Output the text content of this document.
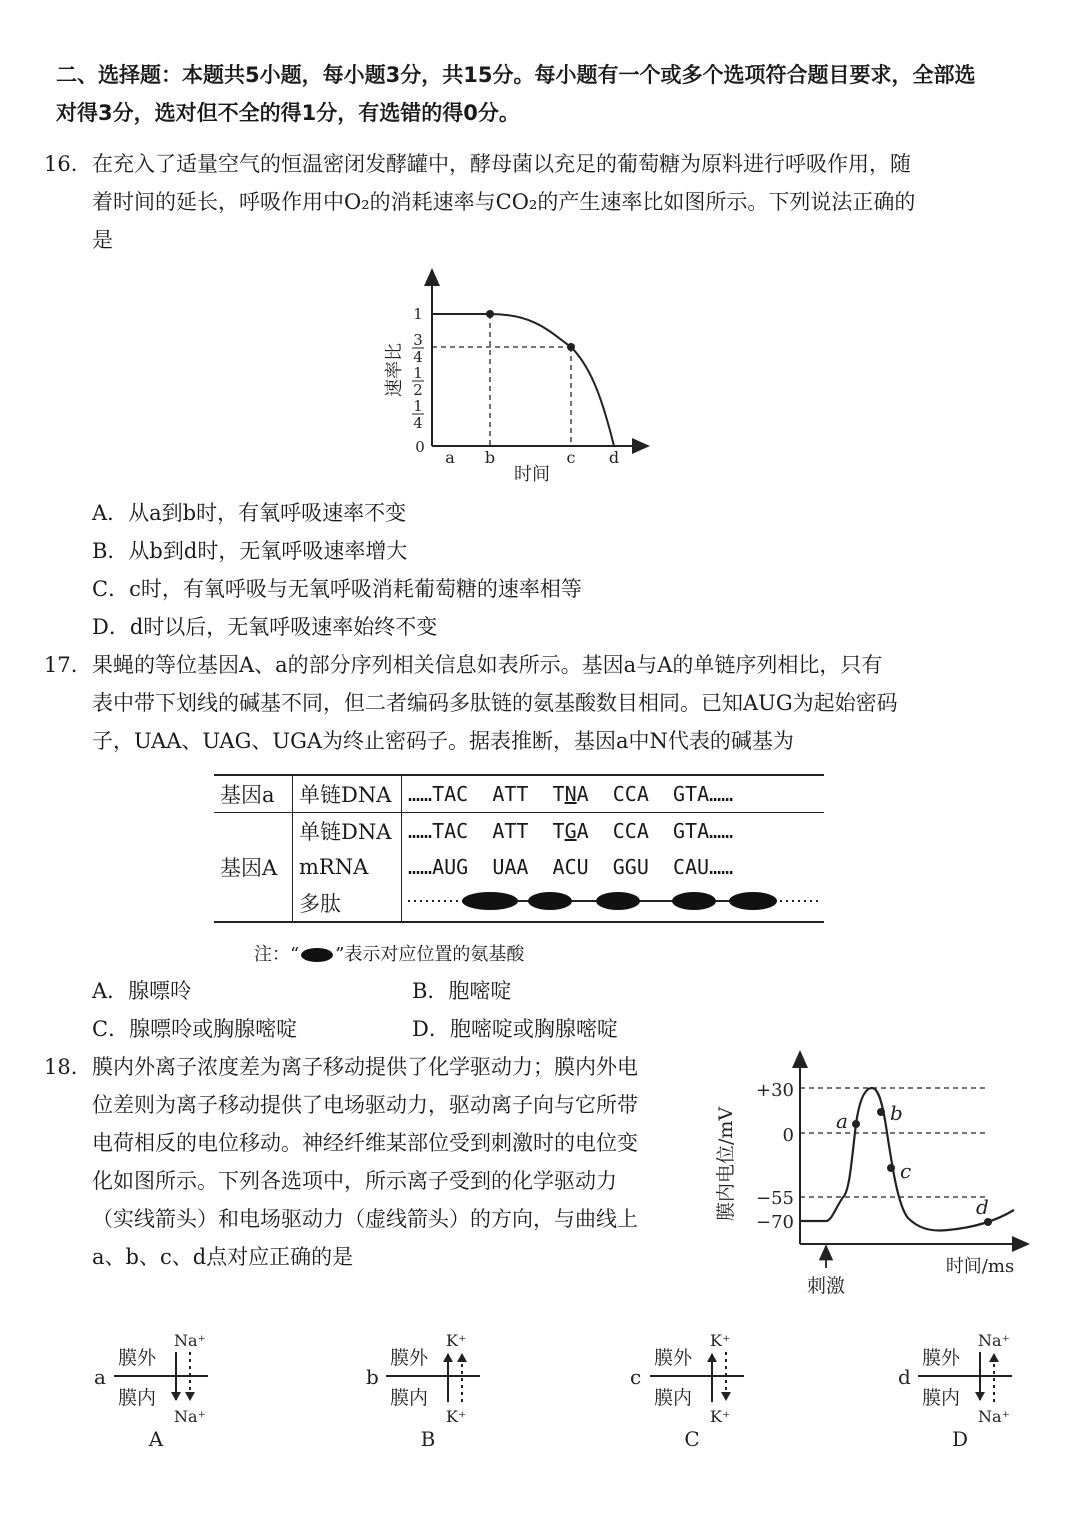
二、选择题：本题共5小题，每小题3分，共15分。每小题有一个或多个选项符合题目要求，全部选
对得3分，选对但不全的得1分，有选错的得0分。
16. 在充入了适量空气的恒温密闭发酵罐中，酵母菌以充足的葡萄糖为原料进行呼吸作用，随
着时间的延长，呼吸作用中O₂的消耗速率与CO₂的产生速率比如图所示。下列说法正确的
是
1
4
1
2
3
4
1
0
a b	c d
速率比
时间
A．从a到b时，有氧呼吸速率不变
B．从b到d时，无氧呼吸速率增大
C．c时，有氧呼吸与无氧呼吸消耗葡萄糖的速率相等
D．d时以后，无氧呼吸速率始终不变
17. 果蝇的等位基因A、a的部分序列相关信息如表所示。基因a与A的单链序列相比，只有
表中带下划线的碱基不同，但二者编码多肽链的氨基酸数目相同。已知AUG为起始密码
子，UAA、UAG、UGA为终止密码子。据表推断，基因a中N代表的碱基为
基因a	单链DNA	……TAC ATT TNA CCA GTA……
基因A	单链DNA	……TAC ATT TGA CCA GTA……
	mRNA	……AUG UAA ACU GGU CAU……
	多肽	
注：“ ”表示对应位置的氨基酸
A．腺嘌呤	B．胞嘧啶
C．腺嘌呤或胸腺嘧啶	D．胞嘧啶或胸腺嘧啶
18. 膜内外离子浓度差为离子移动提供了化学驱动力；膜内外电
位差则为离子移动提供了电场驱动力，驱动离子向与它所带
电荷相反的电位移动。神经纤维某部位受到刺激时的电位变
化如图所示。下列各选项中，所示离子受到的化学驱动力
（实线箭头）和电场驱动力（虚线箭头）的方向，与曲线上
a、b、c、d点对应正确的是
+30
0
−55
−70
a b
c
d
刺激
时间/ms
膜内电位/mV
a
膜外
膜内
Na⁺
Na⁺
A
b
膜外
膜内
K⁺
K⁺
B
c
膜外
膜内
K⁺
K⁺
C
d
膜外
膜内
Na⁺
Na⁺
D
